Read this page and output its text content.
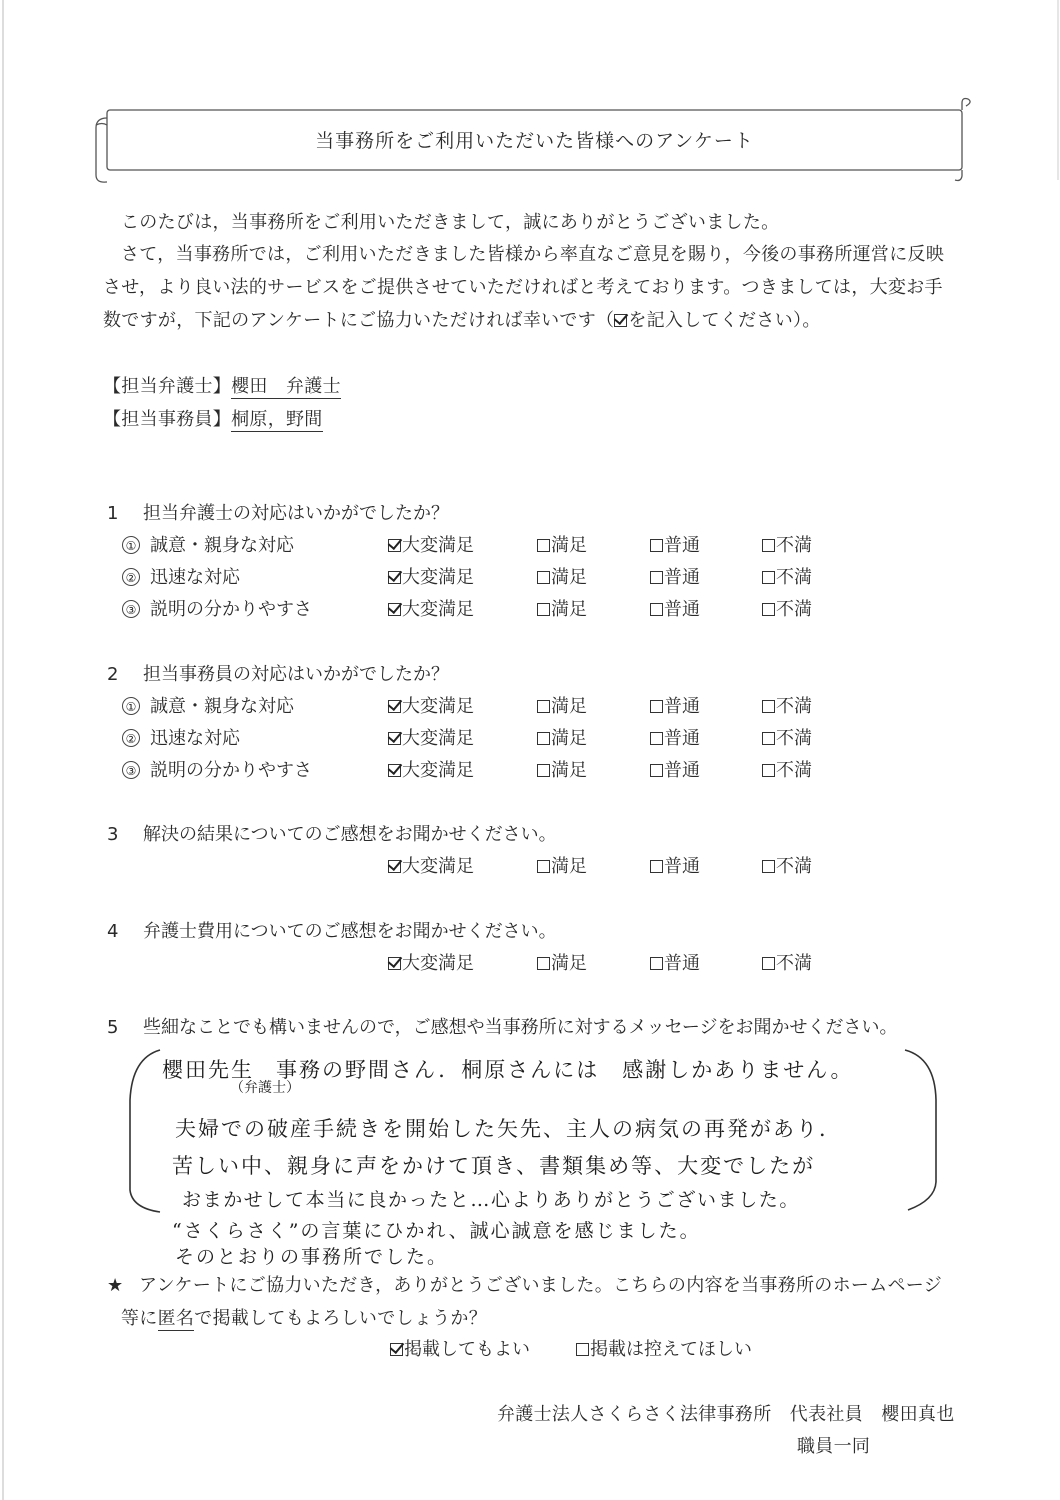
当事務所をご利用いただいた皆様へのアンケート
このたびは，当事務所をご利用いただきまして，誠にありがとうございました。
さて，当事務所では，ご利用いただきました皆様から率直なご意見を賜り，今後の事務所運営に反映
させ，より良い法的サービスをご提供させていただければと考えております。つきましては，大変お手
数ですが，下記のアンケートにご協力いただければ幸いです（ を記入してください）。
【担当弁護士】櫻田　弁護士
【担当事務員】桐原，野間
1 担当弁護士の対応はいかがでしたか？
① 誠意・親身な対応	大変満足	満足	普通	不満
② 迅速な対応	大変満足	満足	普通	不満
③ 説明の分かりやすさ	大変満足	満足	普通	不満
2 担当事務員の対応はいかがでしたか？
① 誠意・親身な対応	大変満足	満足	普通	不満
② 迅速な対応	大変満足	満足	普通	不満
③ 説明の分かりやすさ	大変満足	満足	普通	不満
3 解決の結果についてのご感想をお聞かせください。
大変満足	満足	普通	不満
4 弁護士費用についてのご感想をお聞かせください。
大変満足	満足	普通	不満
5 些細なことでも構いませんので，ご感想や当事務所に対するメッセージをお聞かせください。
櫻田先生 事務の野間さん．桐原さんには　感謝しかありません。
（弁護士）
夫婦での破産手続きを開始した矢先、主人の病気の再発があり．
苦しい中、親身に声をかけて頂き、書類集め等、大変でしたが
おまかせして本当に良かったと…心よりありがとうございました。
“さくらさく”の言葉にひかれ、誠心誠意を感じました。
そのとおりの事務所でした。
★ アンケートにご協力いただき，ありがとうございました。こちらの内容を当事務所のホームページ
等に匿名で掲載してもよろしいでしょうか？
掲載してもよい	掲載は控えてほしい
弁護士法人さくらさく法律事務所　代表社員　櫻田真也
職員一同
